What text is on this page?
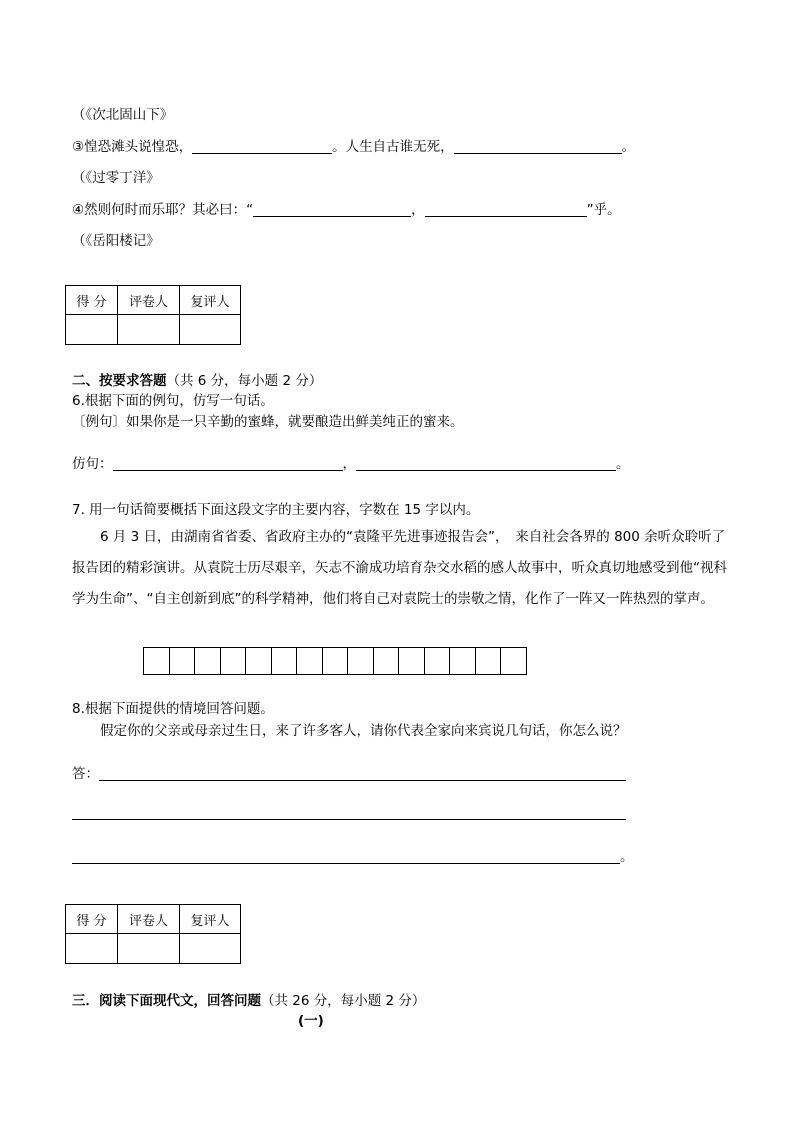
（《次北固山下》
③惶恐滩头说惶恐，	。人生自古谁无死，	。
（《过零丁洋》
④然则何时而乐耶？其必曰：“	，	”乎。
（《岳阳楼记》
得 分	评卷人	复评人

二、按要求答题（共 6 分，每小题 2 分）
6.根据下面的例句，仿写一句话。
〔例句〕如果你是一只辛勤的蜜蜂，就要酿造出鲜美纯正的蜜来。
仿句：	，	。
7. 用一句话简要概括下面这段文字的主要内容，字数在 15 字以内。
6 月 3 日，由湖南省省委、省政府主办的“袁隆平先进事迹报告会”，　来自社会各界的 800 余听众聆听了报告团的精彩演讲。从袁院士历尽艰辛，矢志不渝成功培育杂交水稻的感人故事中，听众真切地感受到他“视科学为生命”、“自主创新到底”的科学精神，他们将自己对袁院士的崇敬之情，化作了一阵又一阵热烈的掌声。
8.根据下面提供的情境回答问题。
假定你的父亲或母亲过生日，来了许多客人，请你代表全家向来宾说几句话，你怎么说？
答：
。
得 分	评卷人	复评人

三．阅读下面现代文，回答问题（共 26 分，每小题 2 分）
(一)
